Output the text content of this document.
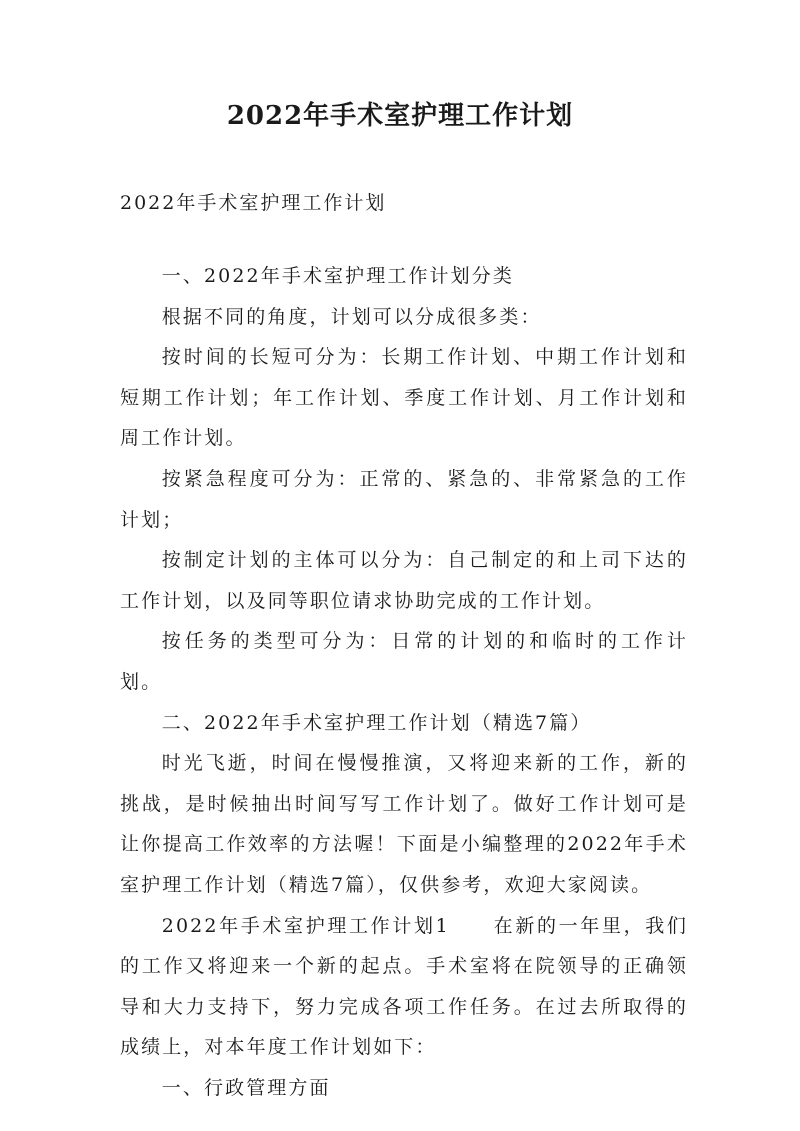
2022年手术室护理工作计划

2022年手术室护理工作计划

一、2022年手术室护理工作计划分类

根据不同的角度，计划可以分成很多类：

按时间的长短可分为：长期工作计划、中期工作计划和短期工作计划；年工作计划、季度工作计划、月工作计划和周工作计划。

按紧急程度可分为：正常的、紧急的、非常紧急的工作计划；

按制定计划的主体可以分为：自己制定的和上司下达的工作计划，以及同等职位请求协助完成的工作计划。

按任务的类型可分为：日常的计划的和临时的工作计划。

二、2022年手术室护理工作计划（精选7篇）

时光飞逝，时间在慢慢推演，又将迎来新的工作，新的挑战，是时候抽出时间写写工作计划了。做好工作计划可是让你提高工作效率的方法喔！下面是小编整理的2022年手术室护理工作计划（精选7篇），仅供参考，欢迎大家阅读。

2022年手术室护理工作计划1　　在新的一年里，我们的工作又将迎来一个新的起点。手术室将在院领导的正确领导和大力支持下，努力完成各项工作任务。在过去所取得的成绩上，对本年度工作计划如下：

一、行政管理方面
